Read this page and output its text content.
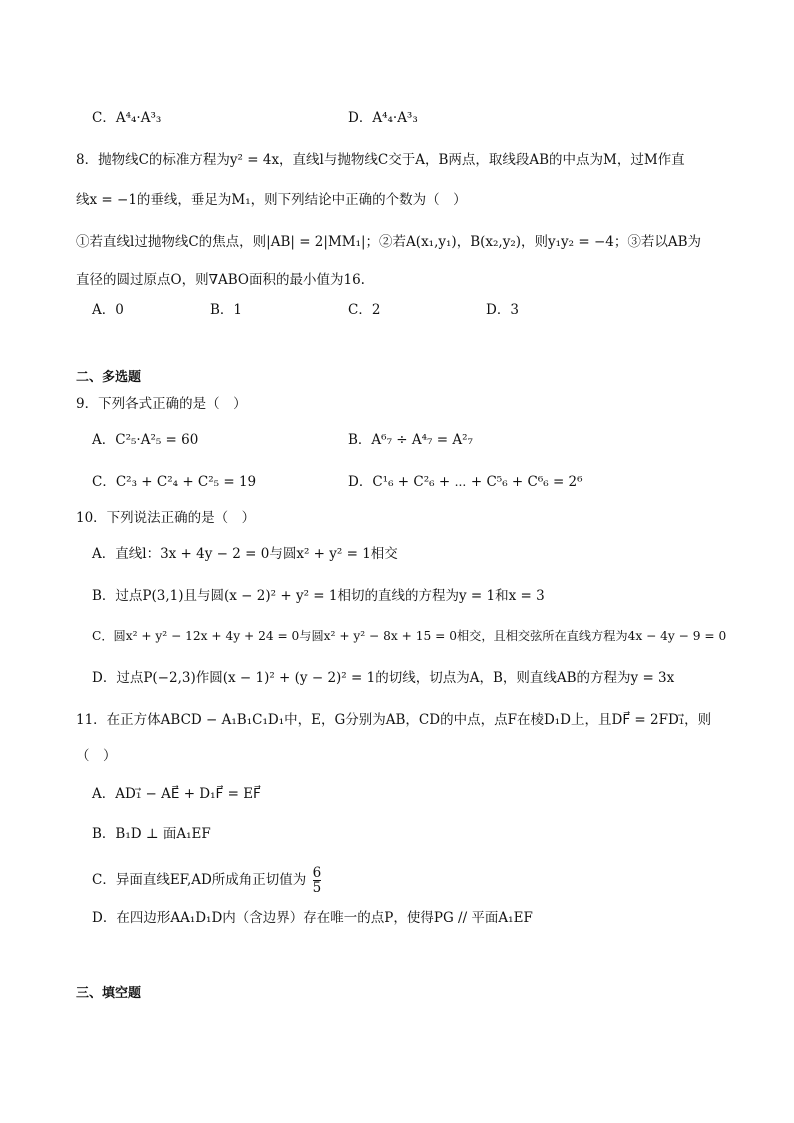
C．A⁴₄·A³₃	D．A⁴₄·A³₃
8．抛物线C的标准方程为y² = 4x，直线l与抛物线C交于A，B两点，取线段AB的中点为M，过M作直
线x = −1的垂线，垂足为M₁，则下列结论中正确的个数为（　）
①若直线l过抛物线C的焦点，则|AB| = 2|MM₁|；②若A(x₁,y₁)，B(x₂,y₂)，则y₁y₂ = −4；③若以AB为
直径的圆过原点O，则∇ABO面积的最小值为16.
A．0	B．1	C．2	D．3
二、多选题
9．下列各式正确的是（　）
A．C²₅·A²₅ = 60	B．A⁶₇ ÷ A⁴₇ = A²₇
C．C²₃ + C²₄ + C²₅ = 19	D．C¹₆ + C²₆ + ⋯ + C⁵₆ + C⁶₆ = 2⁶
10．下列说法正确的是（　）
A．直线l：3x + 4y − 2 = 0与圆x² + y² = 1相交
B．过点P(3,1)且与圆(x − 2)² + y² = 1相切的直线的方程为y = 1和x = 3
C．圆x² + y² − 12x + 4y + 24 = 0与圆x² + y² − 8x + 15 = 0相交，且相交弦所在直线方程为4x − 4y − 9 = 0
D．过点P(−2,3)作圆(x − 1)² + (y − 2)² = 1的切线，切点为A，B，则直线AB的方程为y = 3x
11．在正方体ABCD − A₁B₁C₁D₁中，E，G分别为AB，CD的中点，点F在棱D₁D上，且DF⃗ = 2FD₁⃗，则
（　）
A．AD₁⃗ − AE⃗ + D₁F⃗ = EF⃗
B．B₁D ⊥ 面A₁EF
C．异面直线EF,AD所成角正切值为 $\frac{6}{5}$
D．在四边形AA₁D₁D内（含边界）存在唯一的点P，使得PG // 平面A₁EF
三、填空题
